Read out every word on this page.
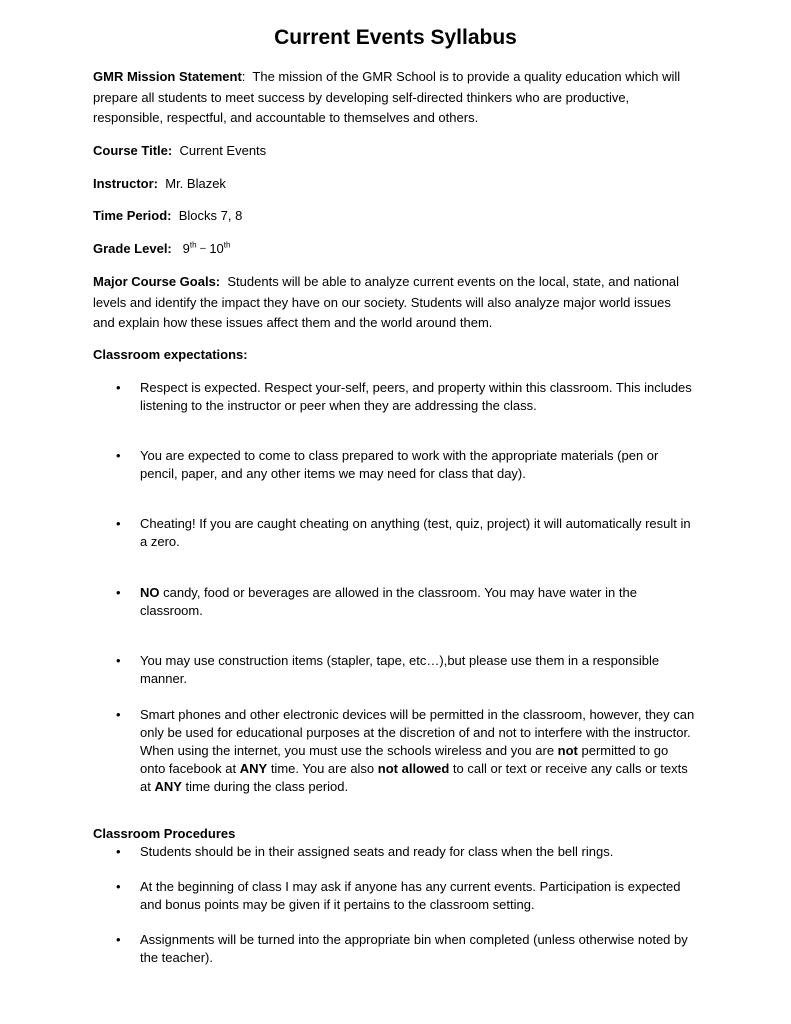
Current Events Syllabus

GMR Mission Statement:  The mission of the GMR School is to provide a quality education which will prepare all students to meet success by developing self-directed thinkers who are productive, responsible, respectful, and accountable to themselves and others.

Course Title: Current Events

Instructor: Mr. Blazek

Time Period: Blocks 7, 8

Grade Level: 9th – 10th

Major Course Goals: Students will be able to analyze current events on the local, state, and national levels and identify the impact they have on our society. Students will also analyze major world issues and explain how these issues affect them and the world around them.

Classroom expectations:

• Respect is expected. Respect your-self, peers, and property within this classroom. This includes listening to the instructor or peer when they are addressing the class.
• You are expected to come to class prepared to work with the appropriate materials (pen or pencil, paper, and any other items we may need for class that day).
• Cheating! If you are caught cheating on anything (test, quiz, project) it will automatically result in a zero.
• NO candy, food or beverages are allowed in the classroom. You may have water in the classroom.
• You may use construction items (stapler, tape, etc…),but please use them in a responsible manner.
• Smart phones and other electronic devices will be permitted in the classroom, however, they can only be used for educational purposes at the discretion of and not to interfere with the instructor. When using the internet, you must use the schools wireless and you are not permitted to go onto facebook at ANY time. You are also not allowed to call or text or receive any calls or texts at ANY time during the class period.

Classroom Procedures

• Students should be in their assigned seats and ready for class when the bell rings.
• At the beginning of class I may ask if anyone has any current events. Participation is expected and bonus points may be given if it pertains to the classroom setting.
• Assignments will be turned into the appropriate bin when completed (unless otherwise noted by the teacher).
